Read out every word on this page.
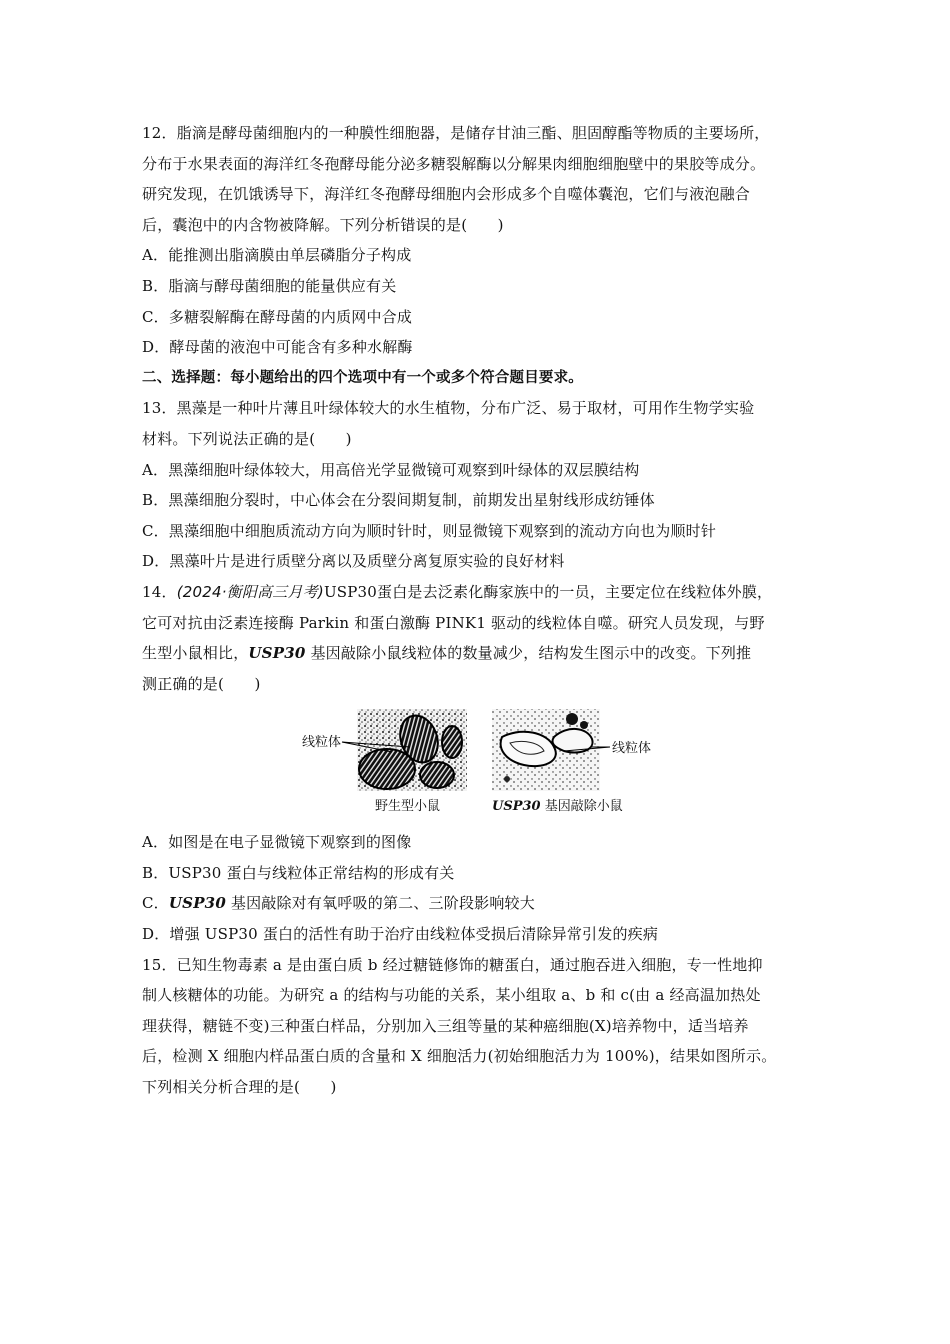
12．脂滴是酵母菌细胞内的一种膜性细胞器，是储存甘油三酯、胆固醇酯等物质的主要场所，
分布于水果表面的海洋红冬孢酵母能分泌多糖裂解酶以分解果肉细胞细胞壁中的果胶等成分。
研究发现，在饥饿诱导下，海洋红冬孢酵母细胞内会形成多个自噬体囊泡，它们与液泡融合
后，囊泡中的内含物被降解。下列分析错误的是(　　)
A．能推测出脂滴膜由单层磷脂分子构成
B．脂滴与酵母菌细胞的能量供应有关
C．多糖裂解酶在酵母菌的内质网中合成
D．酵母菌的液泡中可能含有多种水解酶
二、选择题：每小题给出的四个选项中有一个或多个符合题目要求。
13．黑藻是一种叶片薄且叶绿体较大的水生植物，分布广泛、易于取材，可用作生物学实验
材料。下列说法正确的是(　　)
A．黑藻细胞叶绿体较大，用高倍光学显微镜可观察到叶绿体的双层膜结构
B．黑藻细胞分裂时，中心体会在分裂间期复制，前期发出星射线形成纺锤体
C．黑藻细胞中细胞质流动方向为顺时针时，则显微镜下观察到的流动方向也为顺时针
D．黑藻叶片是进行质壁分离以及质壁分离复原实验的良好材料
14．(2024·衡阳高三月考)USP30蛋白是去泛素化酶家族中的一员，主要定位在线粒体外膜，
它可对抗由泛素连接酶 Parkin 和蛋白激酶 PINK1 驱动的线粒体自噬。研究人员发现，与野
生型小鼠相比，USP30 基因敲除小鼠线粒体的数量减少，结构发生图示中的改变。下列推
测正确的是(　　)
线粒体	线粒体
野生型小鼠	USP30 基因敲除小鼠
A．如图是在电子显微镜下观察到的图像
B．USP30 蛋白与线粒体正常结构的形成有关
C．USP30 基因敲除对有氧呼吸的第二、三阶段影响较大
D．增强 USP30 蛋白的活性有助于治疗由线粒体受损后清除异常引发的疾病
15．已知生物毒素 a 是由蛋白质 b 经过糖链修饰的糖蛋白，通过胞吞进入细胞，专一性地抑
制人核糖体的功能。为研究 a 的结构与功能的关系，某小组取 a、b 和 c(由 a 经高温加热处
理获得，糖链不变)三种蛋白样品，分别加入三组等量的某种癌细胞(X)培养物中，适当培养
后，检测 X 细胞内样品蛋白质的含量和 X 细胞活力(初始细胞活力为 100%)，结果如图所示。
下列相关分析合理的是(　　)
